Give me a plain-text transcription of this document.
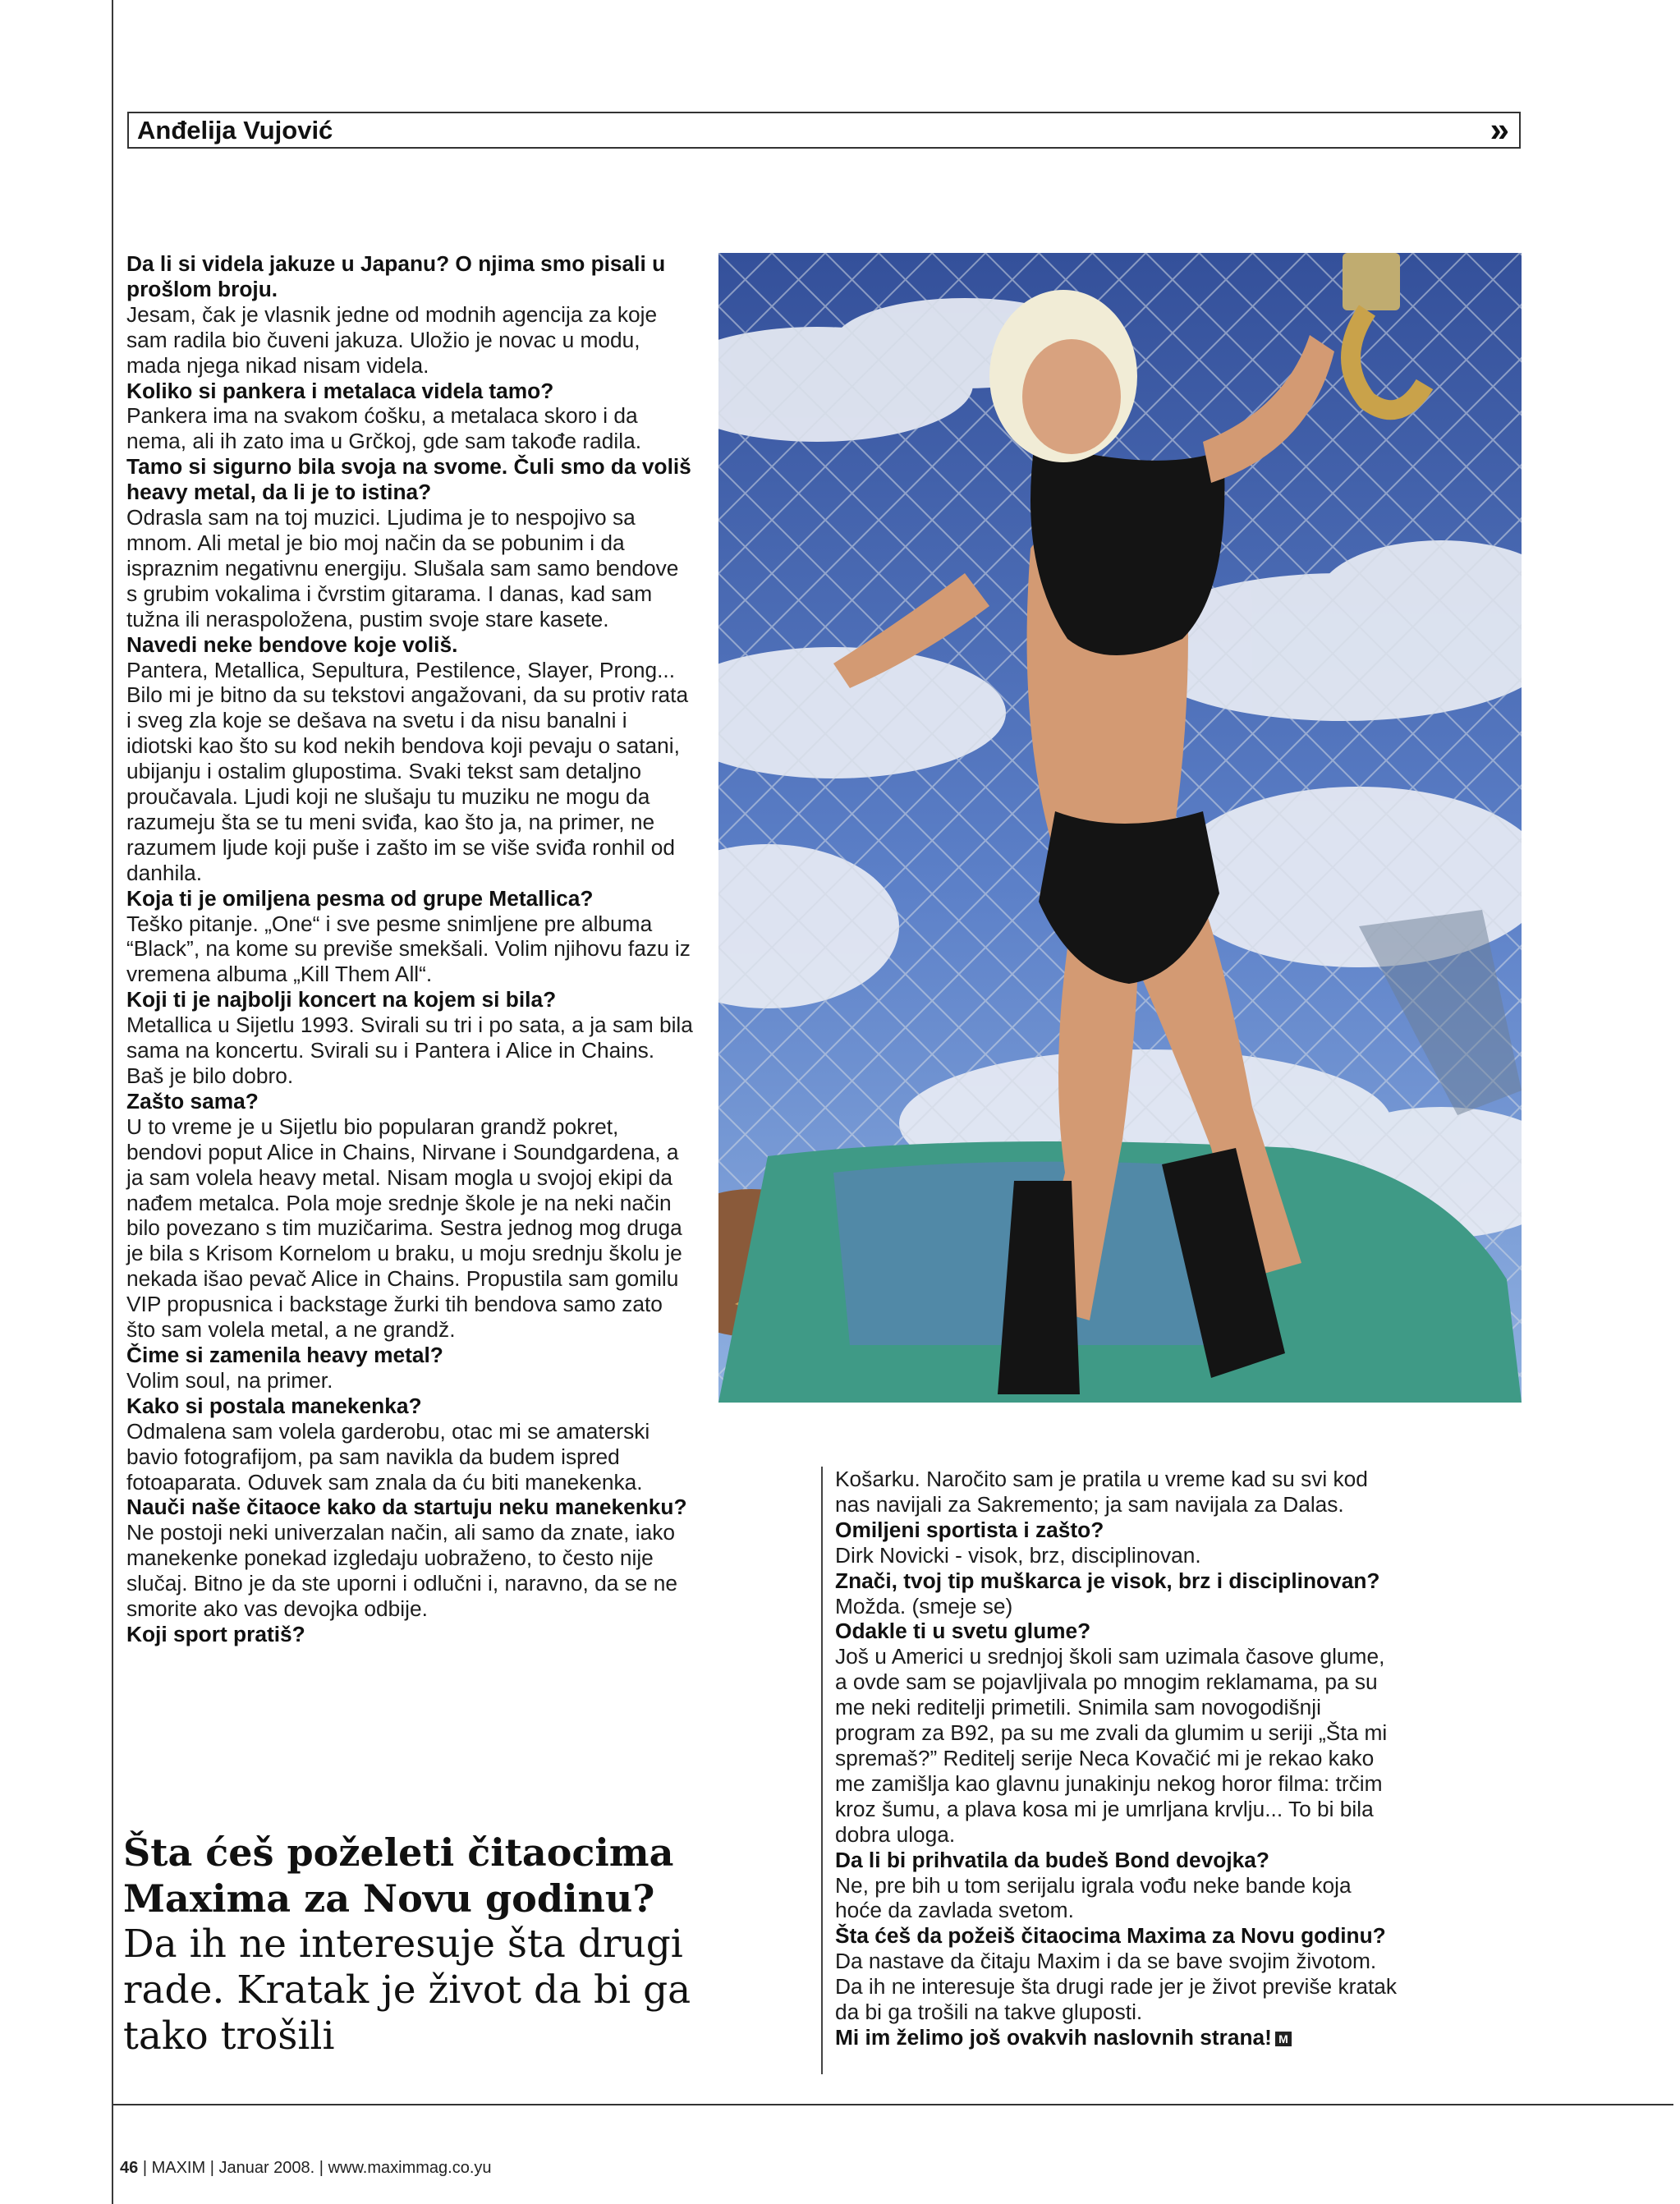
Anđelija Vujović	»

Da li si videla jakuze u Japanu? O njima smo pisali u prošlom broju.

Jesam, čak je vlasnik jedne od modnih agencija za koje sam radila bio čuveni jakuza. Uložio je novac u modu, mada njega nikad nisam videla.

Koliko si pankera i metalaca videla tamo?

Pankera ima na svakom ćošku, a metalaca skoro i da nema, ali ih zato ima u Grčkoj, gde sam takođe radila.

Tamo si sigurno bila svoja na svome. Čuli smo da voliš heavy metal, da li je to istina?

Odrasla sam na toj muzici. Ljudima je to nespojivo sa mnom. Ali metal je bio moj način da se pobunim i da ispraznim negativnu energiju. Slušala sam samo bendove s grubim vokalima i čvrstim gitarama. I danas, kad sam tužna ili neraspoložena, pustim svoje stare kasete.

Navedi neke bendove koje voliš.

Pantera, Metallica, Sepultura, Pestilence, Slayer, Prong... Bilo mi je bitno da su tekstovi angažovani, da su protiv rata i sveg zla koje se dešava na svetu i da nisu banalni i idiotski kao što su kod nekih bendova koji pevaju o satani, ubijanju i ostalim glupostima. Svaki tekst sam detaljno proučavala. Ljudi koji ne slušaju tu muziku ne mogu da razumeju šta se tu meni sviđa, kao što ja, na primer, ne razumem ljude koji puše i zašto im se više sviđa ronhil od danhila.

Koja ti je omiljena pesma od grupe Metallica?

Teško pitanje. „One“ i sve pesme snimljene pre albuma “Black”, na kome su previše smekšali. Volim njihovu fazu iz vremena albuma „Kill Them All“.

Koji ti je najbolji koncert na kojem si bila?

Metallica u Sijetlu 1993. Svirali su tri i po sata, a ja sam bila sama na koncertu. Svirali su i Pantera i Alice in Chains. Baš je bilo dobro.

Zašto sama?

U to vreme je u Sijetlu bio popularan grandž pokret, bendovi poput Alice in Chains, Nirvane i Soundgardena, a ja sam volela heavy metal. Nisam mogla u svojoj ekipi da nađem metalca. Pola moje srednje škole je na neki način bilo povezano s tim muzičarima. Sestra jednog mog druga je bila s Krisom Kornelom u braku, u moju srednju školu je nekada išao pevač Alice in Chains. Propustila sam gomilu VIP propusnica i backstage žurki tih bendova samo zato što sam volela metal, a ne grandž.

Čime si zamenila heavy metal?

Volim soul, na primer.

Kako si postala manekenka?

Odmalena sam volela garderobu, otac mi se amaterski bavio fotografijom, pa sam navikla da budem ispred fotoaparata. Oduvek sam znala da ću biti manekenka.

Nauči naše čitaoce kako da startuju neku manekenku?

Ne postoji neki univerzalan način, ali samo da znate, iako manekenke ponekad izgledaju uobraženo, to često nije slučaj. Bitno je da ste uporni i odlučni i, naravno, da se ne smorite ako vas devojka odbije.

Koji sport pratiš?

Košarku. Naročito sam je pratila u vreme kad su svi kod nas navijali za Sakremento; ja sam navijala za Dalas.

Omiljeni sportista i zašto?

Dirk Novicki - visok, brz, disciplinovan.

Znači, tvoj tip muškarca je visok, brz i disciplinovan?

Možda. (smeje se)

Odakle ti u svetu glume?

Još u Americi u srednjoj školi sam uzimala časove glume, a ovde sam se pojavljivala po mnogim reklamama, pa su me neki reditelji primetili. Snimila sam novogodišnji program za B92, pa su me zvali da glumim u seriji „Šta mi spremaš?” Reditelj serije Neca Kovačić mi je rekao kako me zamišlja kao glavnu junakinju nekog horor filma: trčim kroz šumu, a plava kosa mi je umrljana krvlju... To bi bila dobra uloga.

Da li bi prihvatila da budeš Bond devojka?

Ne, pre bih u tom serijalu igrala vođu neke bande koja hoće da zavlada svetom.

Šta ćeš da požeiš čitaocima Maxima za Novu godinu?

Da nastave da čitaju Maxim i da se bave svojim životom. Da ih ne interesuje šta drugi rade jer je život previše kratak da bi ga trošili na takve gluposti.

Mi im želimo još ovakvih naslovnih strana! M

Šta ćeš poželeti čitaocima Maxima za Novu godinu?

Da ih ne interesuje šta drugi rade. Kratak je život da bi ga tako trošili

46 | MAXIM | Januar 2008. | www.maximmag.co.yu
